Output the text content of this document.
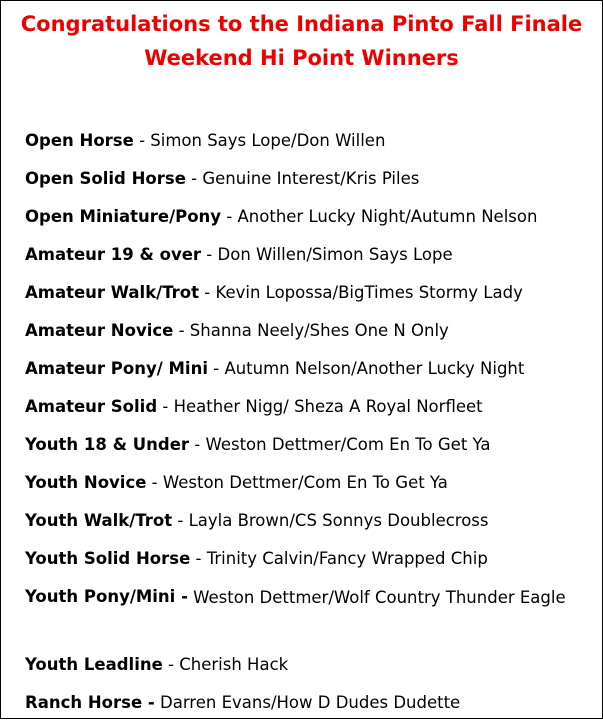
Congratulations to the Indiana Pinto Fall Finale
Weekend Hi Point Winners
Open Horse - Simon Says Lope/Don Willen
Open Solid Horse - Genuine Interest/Kris Piles
Open Miniature/Pony - Another Lucky Night/Autumn Nelson
Amateur 19 & over - Don Willen/Simon Says Lope
Amateur Walk/Trot - Kevin Lopossa/BigTimes Stormy Lady
Amateur Novice - Shanna Neely/Shes One N Only
Amateur Pony/ Mini - Autumn Nelson/Another Lucky Night
Amateur Solid - Heather Nigg/ Sheza A Royal Norfleet
Youth 18 & Under - Weston Dettmer/Com En To Get Ya
Youth Novice - Weston Dettmer/Com En To Get Ya
Youth Walk/Trot - Layla Brown/CS Sonnys Doublecross
Youth Solid Horse - Trinity Calvin/Fancy Wrapped Chip
Youth Pony/Mini -
Weston Dettmer/Wolf Country Thunder Eagle
Youth Leadline - Cherish Hack
Ranch Horse -
Darren Evans/How D Dudes Dudette
